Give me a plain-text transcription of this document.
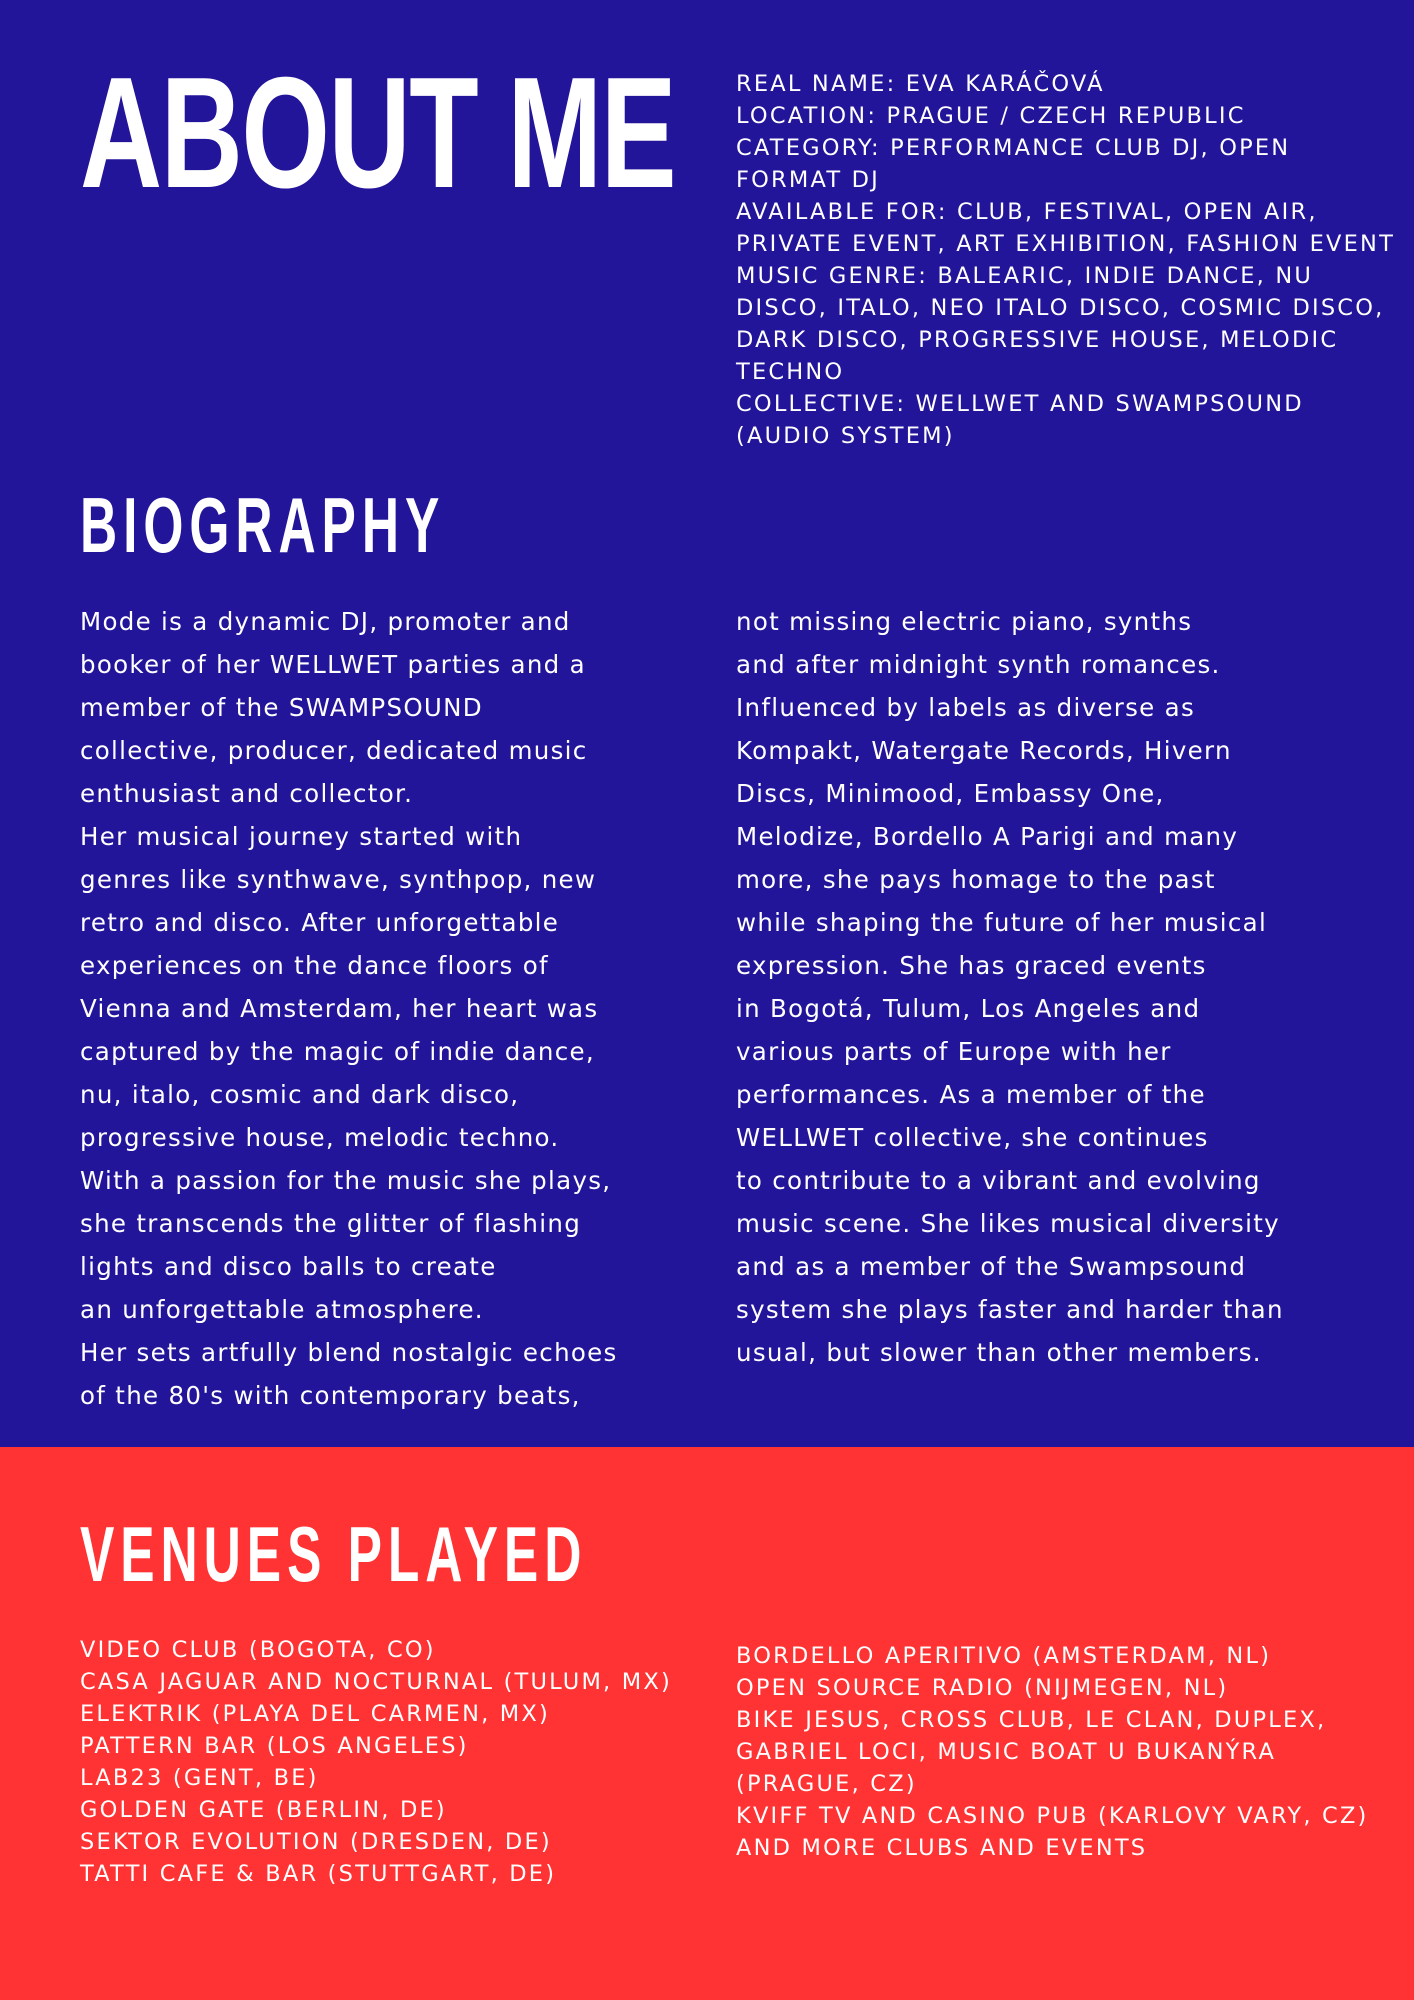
ABOUT ME	REAL NAME: EVA KARÁČOVÁ
LOCATION: PRAGUE / CZECH REPUBLIC
CATEGORY: PERFORMANCE CLUB DJ, OPEN FORMAT DJ
AVAILABLE FOR: CLUB, FESTIVAL, OPEN AIR, PRIVATE EVENT, ART EXHIBITION, FASHION EVENT
MUSIC GENRE: BALEARIC, INDIE DANCE, NU DISCO, ITALO, NEO ITALO DISCO, COSMIC DISCO, DARK DISCO, PROGRESSIVE HOUSE, MELODIC TECHNO
COLLECTIVE: WELLWET AND SWAMPSOUND (AUDIO SYSTEM)
BIOGRAPHY
Mode is a dynamic DJ, promoter and
booker of her WELLWET parties and a
member of the SWAMPSOUND
collective, producer, dedicated music
enthusiast and collector.
Her musical journey started with
genres like synthwave, synthpop, new
retro and disco. After unforgettable
experiences on the dance floors of
Vienna and Amsterdam, her heart was
captured by the magic of indie dance,
nu, italo, cosmic and dark disco,
progressive house, melodic techno.
With a passion for the music she plays,
she transcends the glitter of flashing
lights and disco balls to create
an unforgettable atmosphere.
Her sets artfully blend nostalgic echoes
of the 80's with contemporary beats,
not missing electric piano, synths
and after midnight synth romances.
Influenced by labels as diverse as
Kompakt, Watergate Records, Hivern
Discs, Minimood, Embassy One,
Melodize, Bordello A Parigi and many
more, she pays homage to the past
while shaping the future of her musical
expression. She has graced events
in Bogotá, Tulum, Los Angeles and
various parts of Europe with her
performances. As a member of the
WELLWET collective, she continues
to contribute to a vibrant and evolving
music scene. She likes musical diversity
and as a member of the Swampsound
system she plays faster and harder than
usual, but slower than other members.
VENUES PLAYED
VIDEO CLUB (BOGOTA, CO)
CASA JAGUAR AND NOCTURNAL (TULUM, MX)
ELEKTRIK (PLAYA DEL CARMEN, MX)
PATTERN BAR (LOS ANGELES)
LAB23 (GENT, BE)
GOLDEN GATE (BERLIN, DE)
SEKTOR EVOLUTION (DRESDEN, DE)
TATTI CAFE & BAR (STUTTGART, DE)
BORDELLO APERITIVO (AMSTERDAM, NL)
OPEN SOURCE RADIO (NIJMEGEN, NL)
BIKE JESUS, CROSS CLUB, LE CLAN, DUPLEX, GABRIEL LOCI, MUSIC BOAT U BUKANÝRA (PRAGUE, CZ)
KVIFF TV AND CASINO PUB (KARLOVY VARY, CZ)
AND MORE CLUBS AND EVENTS
